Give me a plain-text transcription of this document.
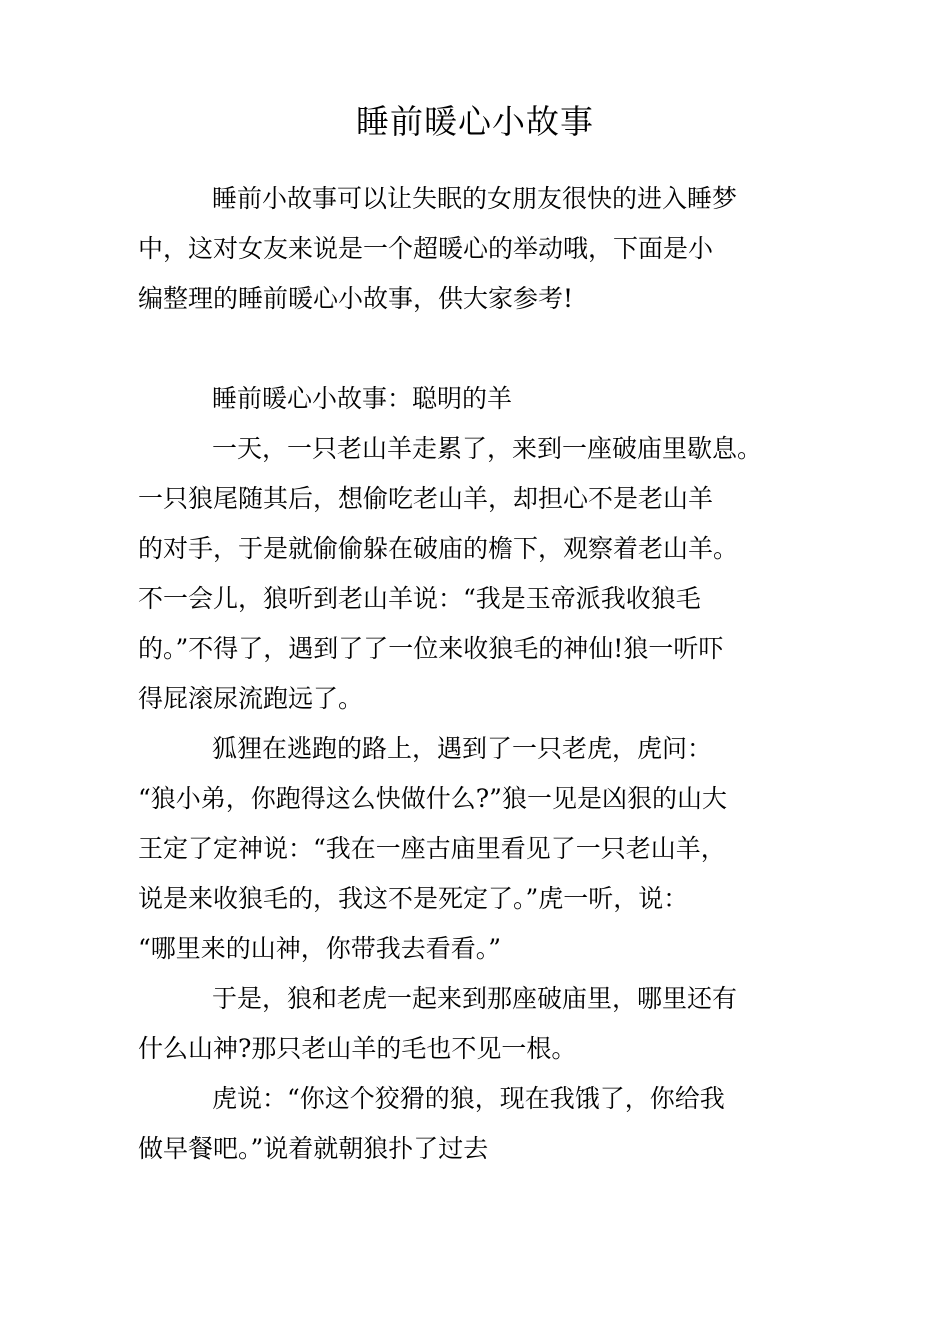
睡前暖心小故事
睡前小故事可以让失眠的女朋友很快的进入睡梦
中，这对女友来说是一个超暖心的举动哦，下面是小
编整理的睡前暖心小故事，供大家参考!
睡前暖心小故事：聪明的羊
一天，一只老山羊走累了，来到一座破庙里歇息。
一只狼尾随其后，想偷吃老山羊，却担心不是老山羊
的对手，于是就偷偷躲在破庙的檐下，观察着老山羊。
不一会儿，狼听到老山羊说：“我是玉帝派我收狼毛
的。”不得了，遇到了了一位来收狼毛的神仙!狼一听吓
得屁滚尿流跑远了。
狐狸在逃跑的路上，遇到了一只老虎，虎问：
“狼小弟，你跑得这么快做什么?”狼一见是凶狠的山大
王定了定神说：“我在一座古庙里看见了一只老山羊，
说是来收狼毛的，我这不是死定了。”虎一听，说：
“哪里来的山神，你带我去看看。”
于是，狼和老虎一起来到那座破庙里，哪里还有
什么山神?那只老山羊的毛也不见一根。
虎说：“你这个狡猾的狼，现在我饿了，你给我
做早餐吧。”说着就朝狼扑了过去
